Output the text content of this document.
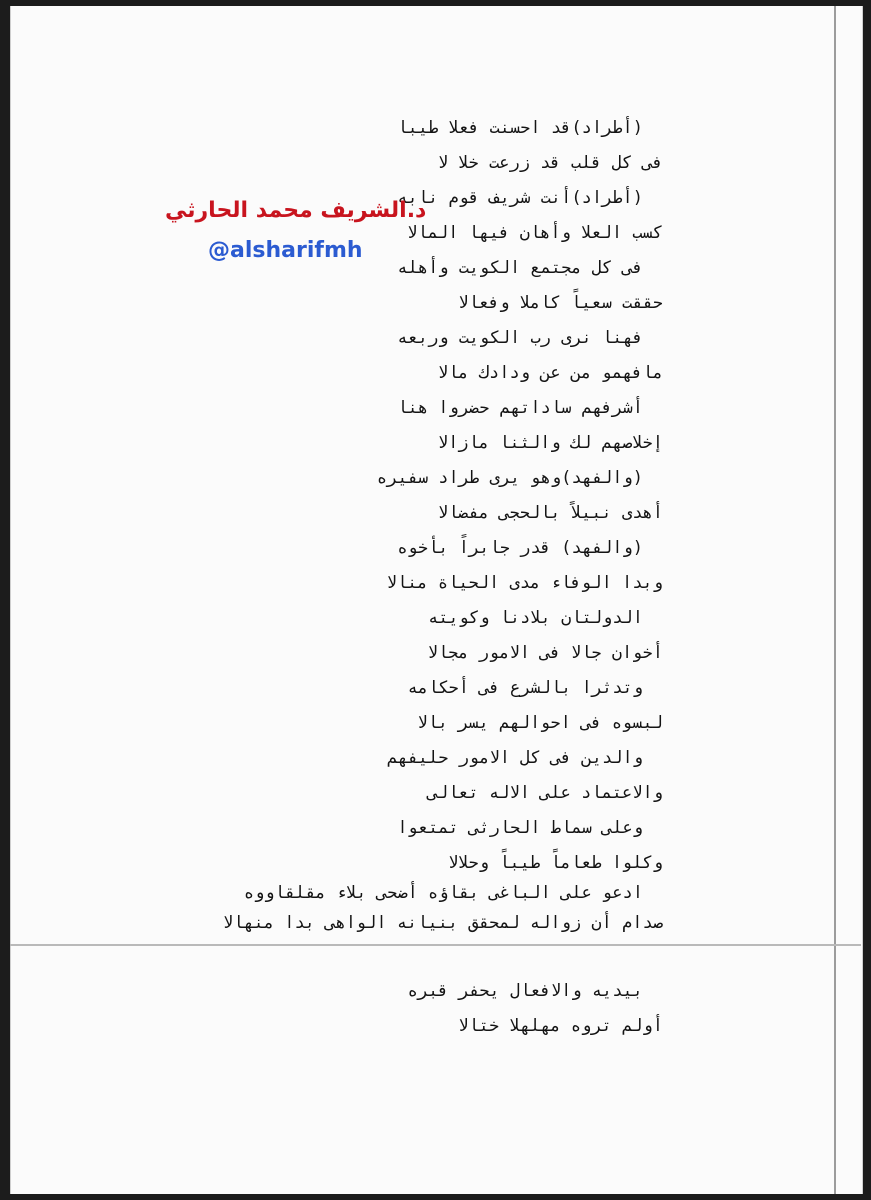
(أطراد)قد احسنت فعلا طيبا
فى كل قلب قد زرعت خلا لا
(أطراد)أنت شريف قوم نابه
كسب العلا وأهان فيها المالا
فى كل مجتمع الكويت وأهله
حققت سعياً كاملا وفعالا
فهنا نرى رب الكويت وربعه
مافهمو من عن ودادك مالا
أشرفهم ساداتهم حضروا هنا
إخلاصهم لك والثنا مازالا
(والفهد)وهو يرى طراد سفيره
أهدى نبيلاً بالحجى مفضالا
(والفهد) قدر جابراً بأخوه
وبدا الوفاء مدى الحياة منالا
الدولتان بلادنا وكويته
أخوان جالا فى الامور مجالا
وتدثرا بالشرع فى أحكامه
لبسوه فى احوالهم يسر بالا
والدين فى كل الامور حليفهم
والاعتماد على الاله تعالى
وعلى سماط الحارثى تمتعوا
وكلوا طعاماً طيباً وحلالا
ادعو على الباغى بقاؤه أضحى بلاء مقلقاووه
صدام أن زواله لمحقق بنيانه الواهى بدا منهالا
بيديه والافعال يحفر قبره
أولم تروه مهلهلا ختالا
د.الشريف محمد الحارثي
@alsharifmh
